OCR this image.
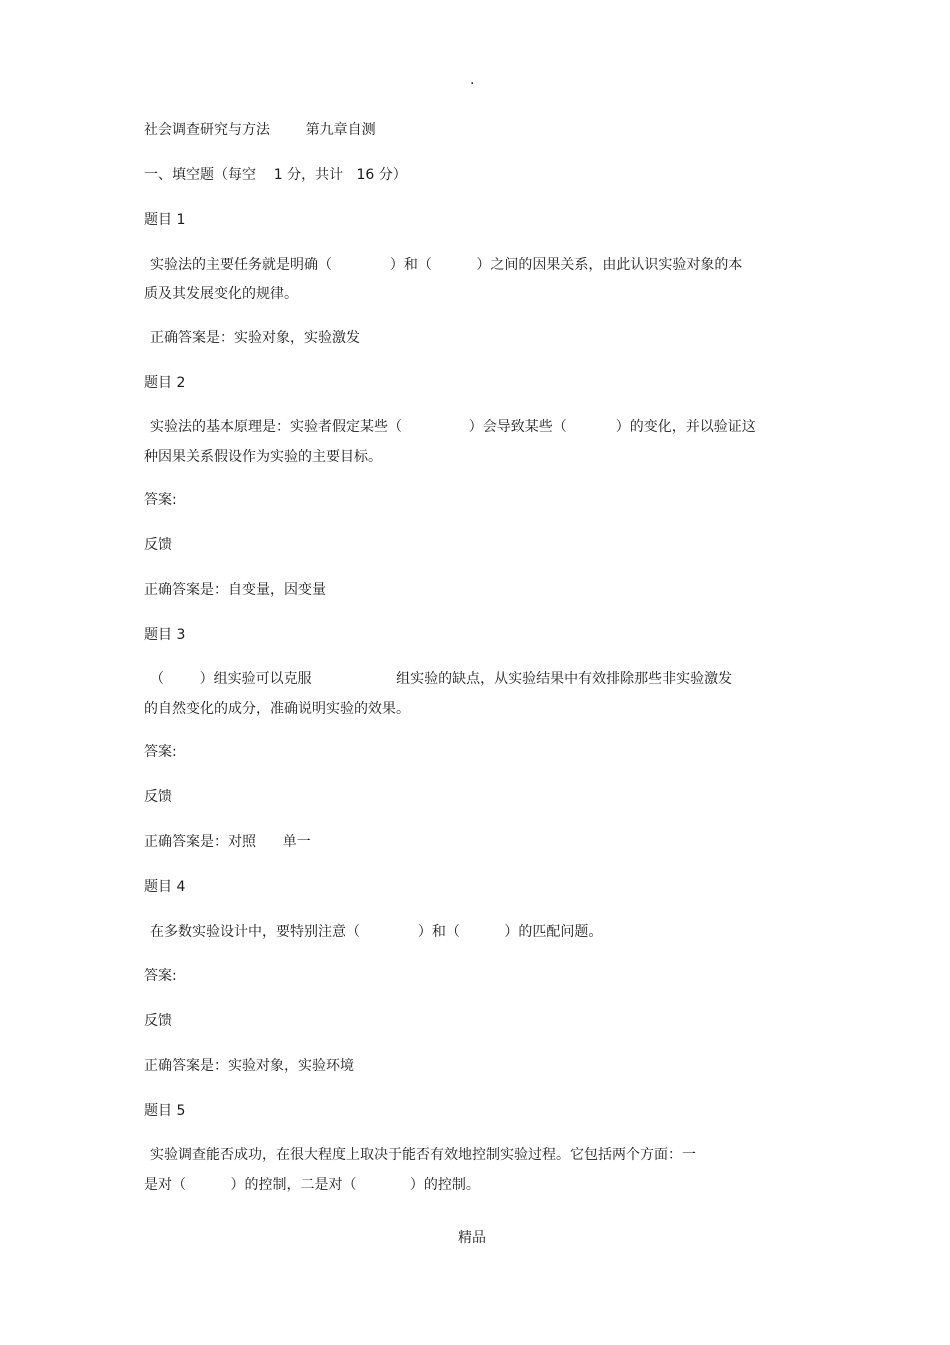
·
社会调查研究与方法        第九章自测
一、填空题（每空    1 分，共计   16 分）
题目 1
实验法的主要任务就是明确（             ）和（          ）之间的因果关系，由此认识实验对象的本
质及其发展变化的规律。
正确答案是：实验对象，实验激发
题目 2
实验法的基本原理是：实验者假定某些（               ）会导致某些（           ）的变化，并以验证这
种因果关系假设作为实验的主要目标。
答案:
反馈
正确答案是：自变量，因变量
题目 3
（        ）组实验可以克服                   组实验的缺点，从实验结果中有效排除那些非实验激发
的自然变化的成分，准确说明实验的效果。
答案:
反馈
正确答案是：对照      单一
题目 4
在多数实验设计中，要特别注意（             ）和（          ）的匹配问题。
答案:
反馈
正确答案是：实验对象，实验环境
题目 5
实验调查能否成功，在很大程度上取决于能否有效地控制实验过程。它包括两个方面：一
是对（          ）的控制，二是对（            ）的控制。
精品
